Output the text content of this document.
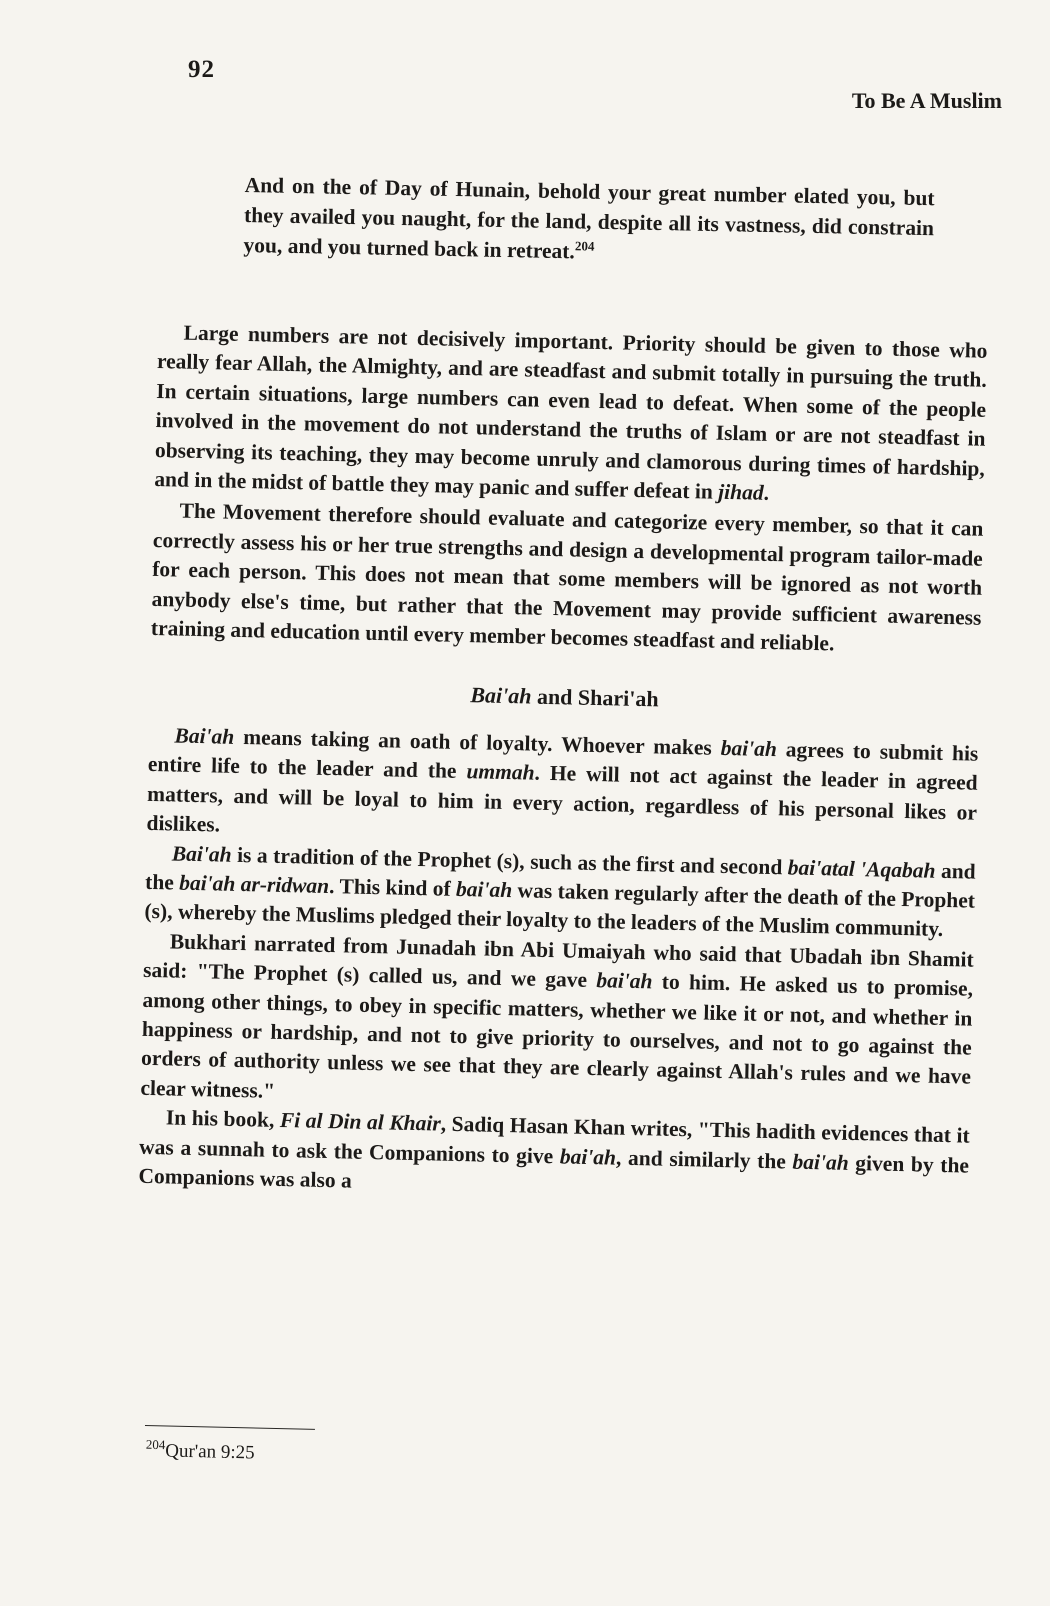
92
To Be A Muslim
And on the of Day of Hunain, behold your great number elated you, but they availed you naught, for the land, despite all its vastness, did constrain you, and you turned back in retreat.$^{204}$

Large numbers are not decisively important. Priority should be given to those who really fear Allah, the Almighty, and are steadfast and submit totally in pursuing the truth. In certain situations, large numbers can even lead to defeat. When some of the people involved in the movement do not understand the truths of Islam or are not steadfast in observing its teaching, they may become unruly and clamorous during times of hardship, and in the midst of battle they may panic and suffer defeat in jihad.

The Movement therefore should evaluate and categorize every member, so that it can correctly assess his or her true strengths and design a developmental program tailor-made for each person. This does not mean that some members will be ignored as not worth anybody else's time, but rather that the Movement may provide sufficient awareness training and education until every member becomes steadfast and reliable.

Bai'ah and Shari'ah

Bai'ah means taking an oath of loyalty. Whoever makes bai'ah agrees to submit his entire life to the leader and the ummah. He will not act against the leader in agreed matters, and will be loyal to him in every action, regardless of his personal likes or dislikes.

Bai'ah is a tradition of the Prophet (s), such as the first and second bai'atal 'Aqabah and the bai'ah ar-ridwan. This kind of bai'ah was taken regularly after the death of the Prophet (s), whereby the Muslims pledged their loyalty to the leaders of the Muslim community.

Bukhari narrated from Junadah ibn Abi Umaiyah who said that Ubadah ibn Shamit said: "The Prophet (s) called us, and we gave bai'ah to him. He asked us to promise, among other things, to obey in specific matters, whether we like it or not, and whether in happiness or hardship, and not to give priority to ourselves, and not to go against the orders of authority unless we see that they are clearly against Allah's rules and we have clear witness."

In his book, Fi al Din al Khair, Sadiq Hasan Khan writes, "This hadith evidences that it was a sunnah to ask the Companions to give bai'ah, and similarly the bai'ah given by the Companions was also a

$^{204}$Qur'an 9:25
